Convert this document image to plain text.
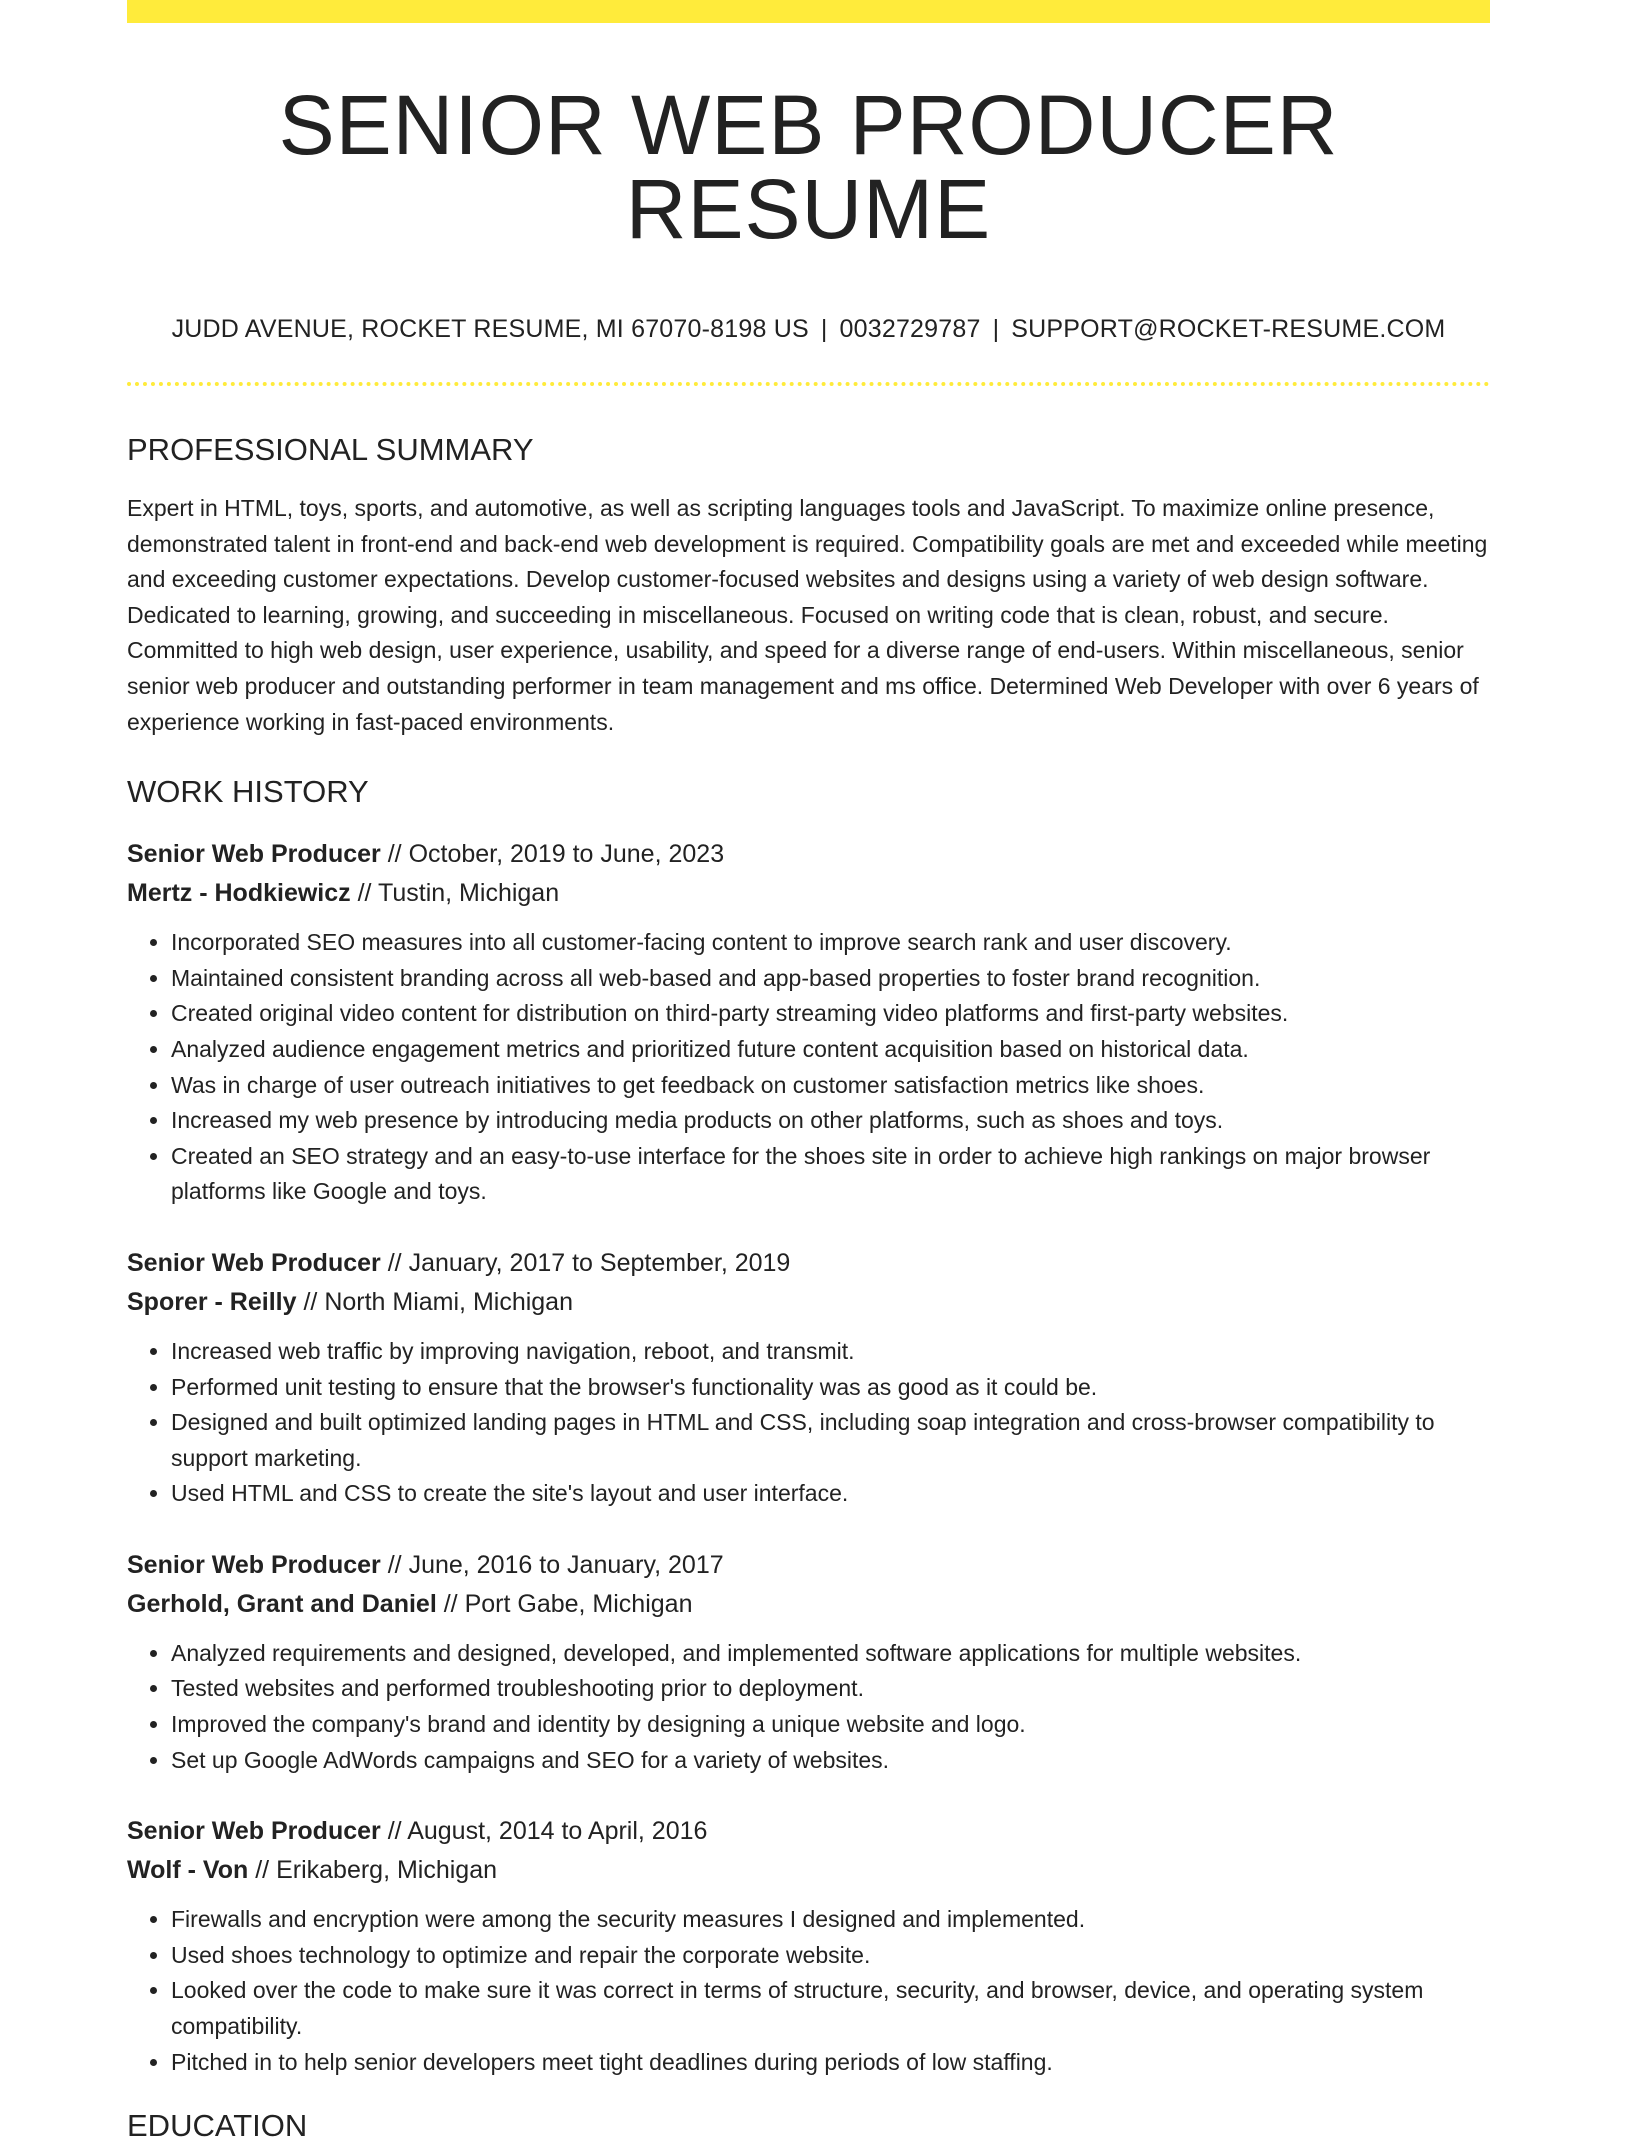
SENIOR WEB PRODUCER RESUME
JUDD AVENUE, ROCKET RESUME, MI 67070-8198 US | 0032729787 | SUPPORT@ROCKET-RESUME.COM
PROFESSIONAL SUMMARY

Expert in HTML, toys, sports, and automotive, as well as scripting languages tools and JavaScript. To maximize online presence, demonstrated talent in front-end and back-end web development is required. Compatibility goals are met and exceeded while meeting and exceeding customer expectations. Develop customer-focused websites and designs using a variety of web design software. Dedicated to learning, growing, and succeeding in miscellaneous. Focused on writing code that is clean, robust, and secure. Committed to high web design, user experience, usability, and speed for a diverse range of end-users. Within miscellaneous, senior senior web producer and outstanding performer in team management and ms office. Determined Web Developer with over 6 years of experience working in fast-paced environments.

WORK HISTORY
Senior Web Producer // October, 2019 to June, 2023
Mertz - Hodkiewicz // Tustin, Michigan
• Incorporated SEO measures into all customer-facing content to improve search rank and user discovery.
• Maintained consistent branding across all web-based and app-based properties to foster brand recognition.
• Created original video content for distribution on third-party streaming video platforms and first-party websites.
• Analyzed audience engagement metrics and prioritized future content acquisition based on historical data.
• Was in charge of user outreach initiatives to get feedback on customer satisfaction metrics like shoes.
• Increased my web presence by introducing media products on other platforms, such as shoes and toys.
• Created an SEO strategy and an easy-to-use interface for the shoes site in order to achieve high rankings on major browser platforms like Google and toys.
Senior Web Producer // January, 2017 to September, 2019
Sporer - Reilly // North Miami, Michigan
• Increased web traffic by improving navigation, reboot, and transmit.
• Performed unit testing to ensure that the browser's functionality was as good as it could be.
• Designed and built optimized landing pages in HTML and CSS, including soap integration and cross-browser compatibility to support marketing.
• Used HTML and CSS to create the site's layout and user interface.
Senior Web Producer // June, 2016 to January, 2017
Gerhold, Grant and Daniel // Port Gabe, Michigan
• Analyzed requirements and designed, developed, and implemented software applications for multiple websites.
• Tested websites and performed troubleshooting prior to deployment.
• Improved the company's brand and identity by designing a unique website and logo.
• Set up Google AdWords campaigns and SEO for a variety of websites.
Senior Web Producer // August, 2014 to April, 2016
Wolf - Von // Erikaberg, Michigan
• Firewalls and encryption were among the security measures I designed and implemented.
• Used shoes technology to optimize and repair the corporate website.
• Looked over the code to make sure it was correct in terms of structure, security, and browser, device, and operating system compatibility.
• Pitched in to help senior developers meet tight deadlines during periods of low staffing.
EDUCATION
